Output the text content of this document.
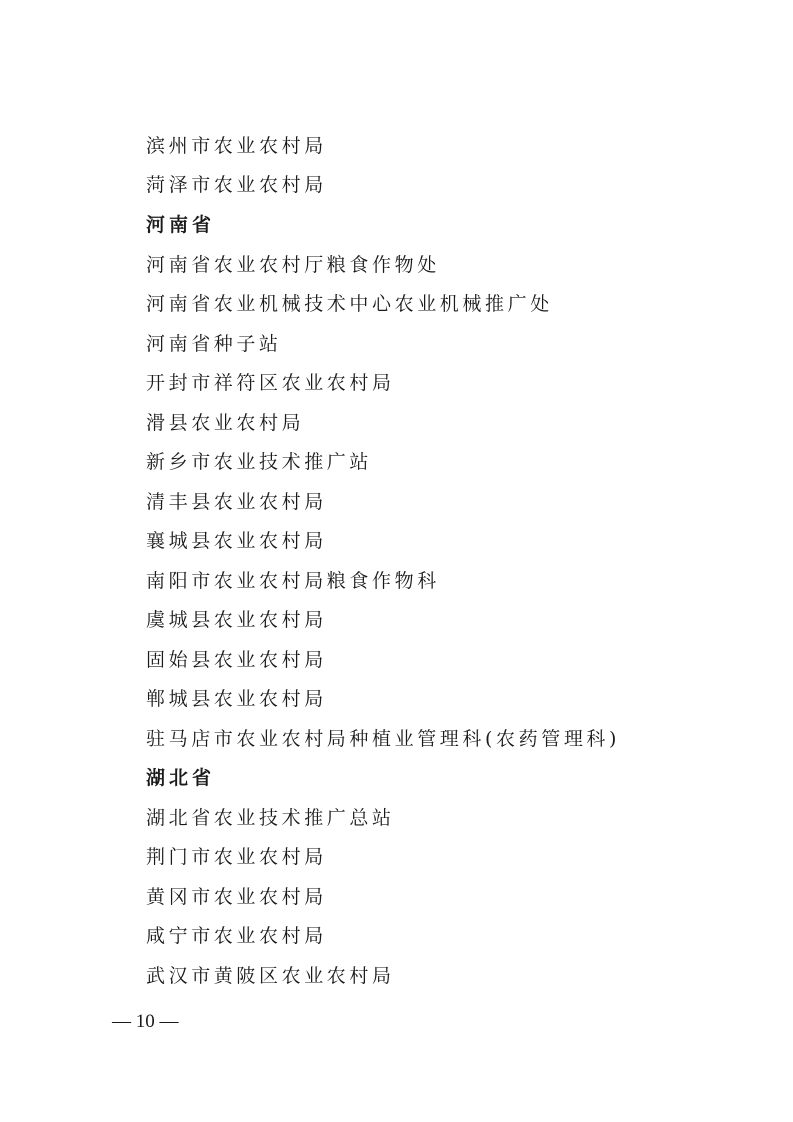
滨州市农业农村局
菏泽市农业农村局
河南省
河南省农业农村厅粮食作物处
河南省农业机械技术中心农业机械推广处
河南省种子站
开封市祥符区农业农村局
滑县农业农村局
新乡市农业技术推广站
清丰县农业农村局
襄城县农业农村局
南阳市农业农村局粮食作物科
虞城县农业农村局
固始县农业农村局
郸城县农业农村局
驻马店市农业农村局种植业管理科(农药管理科)
湖北省
湖北省农业技术推广总站
荆门市农业农村局
黄冈市农业农村局
咸宁市农业农村局
武汉市黄陂区农业农村局
— 10 —
